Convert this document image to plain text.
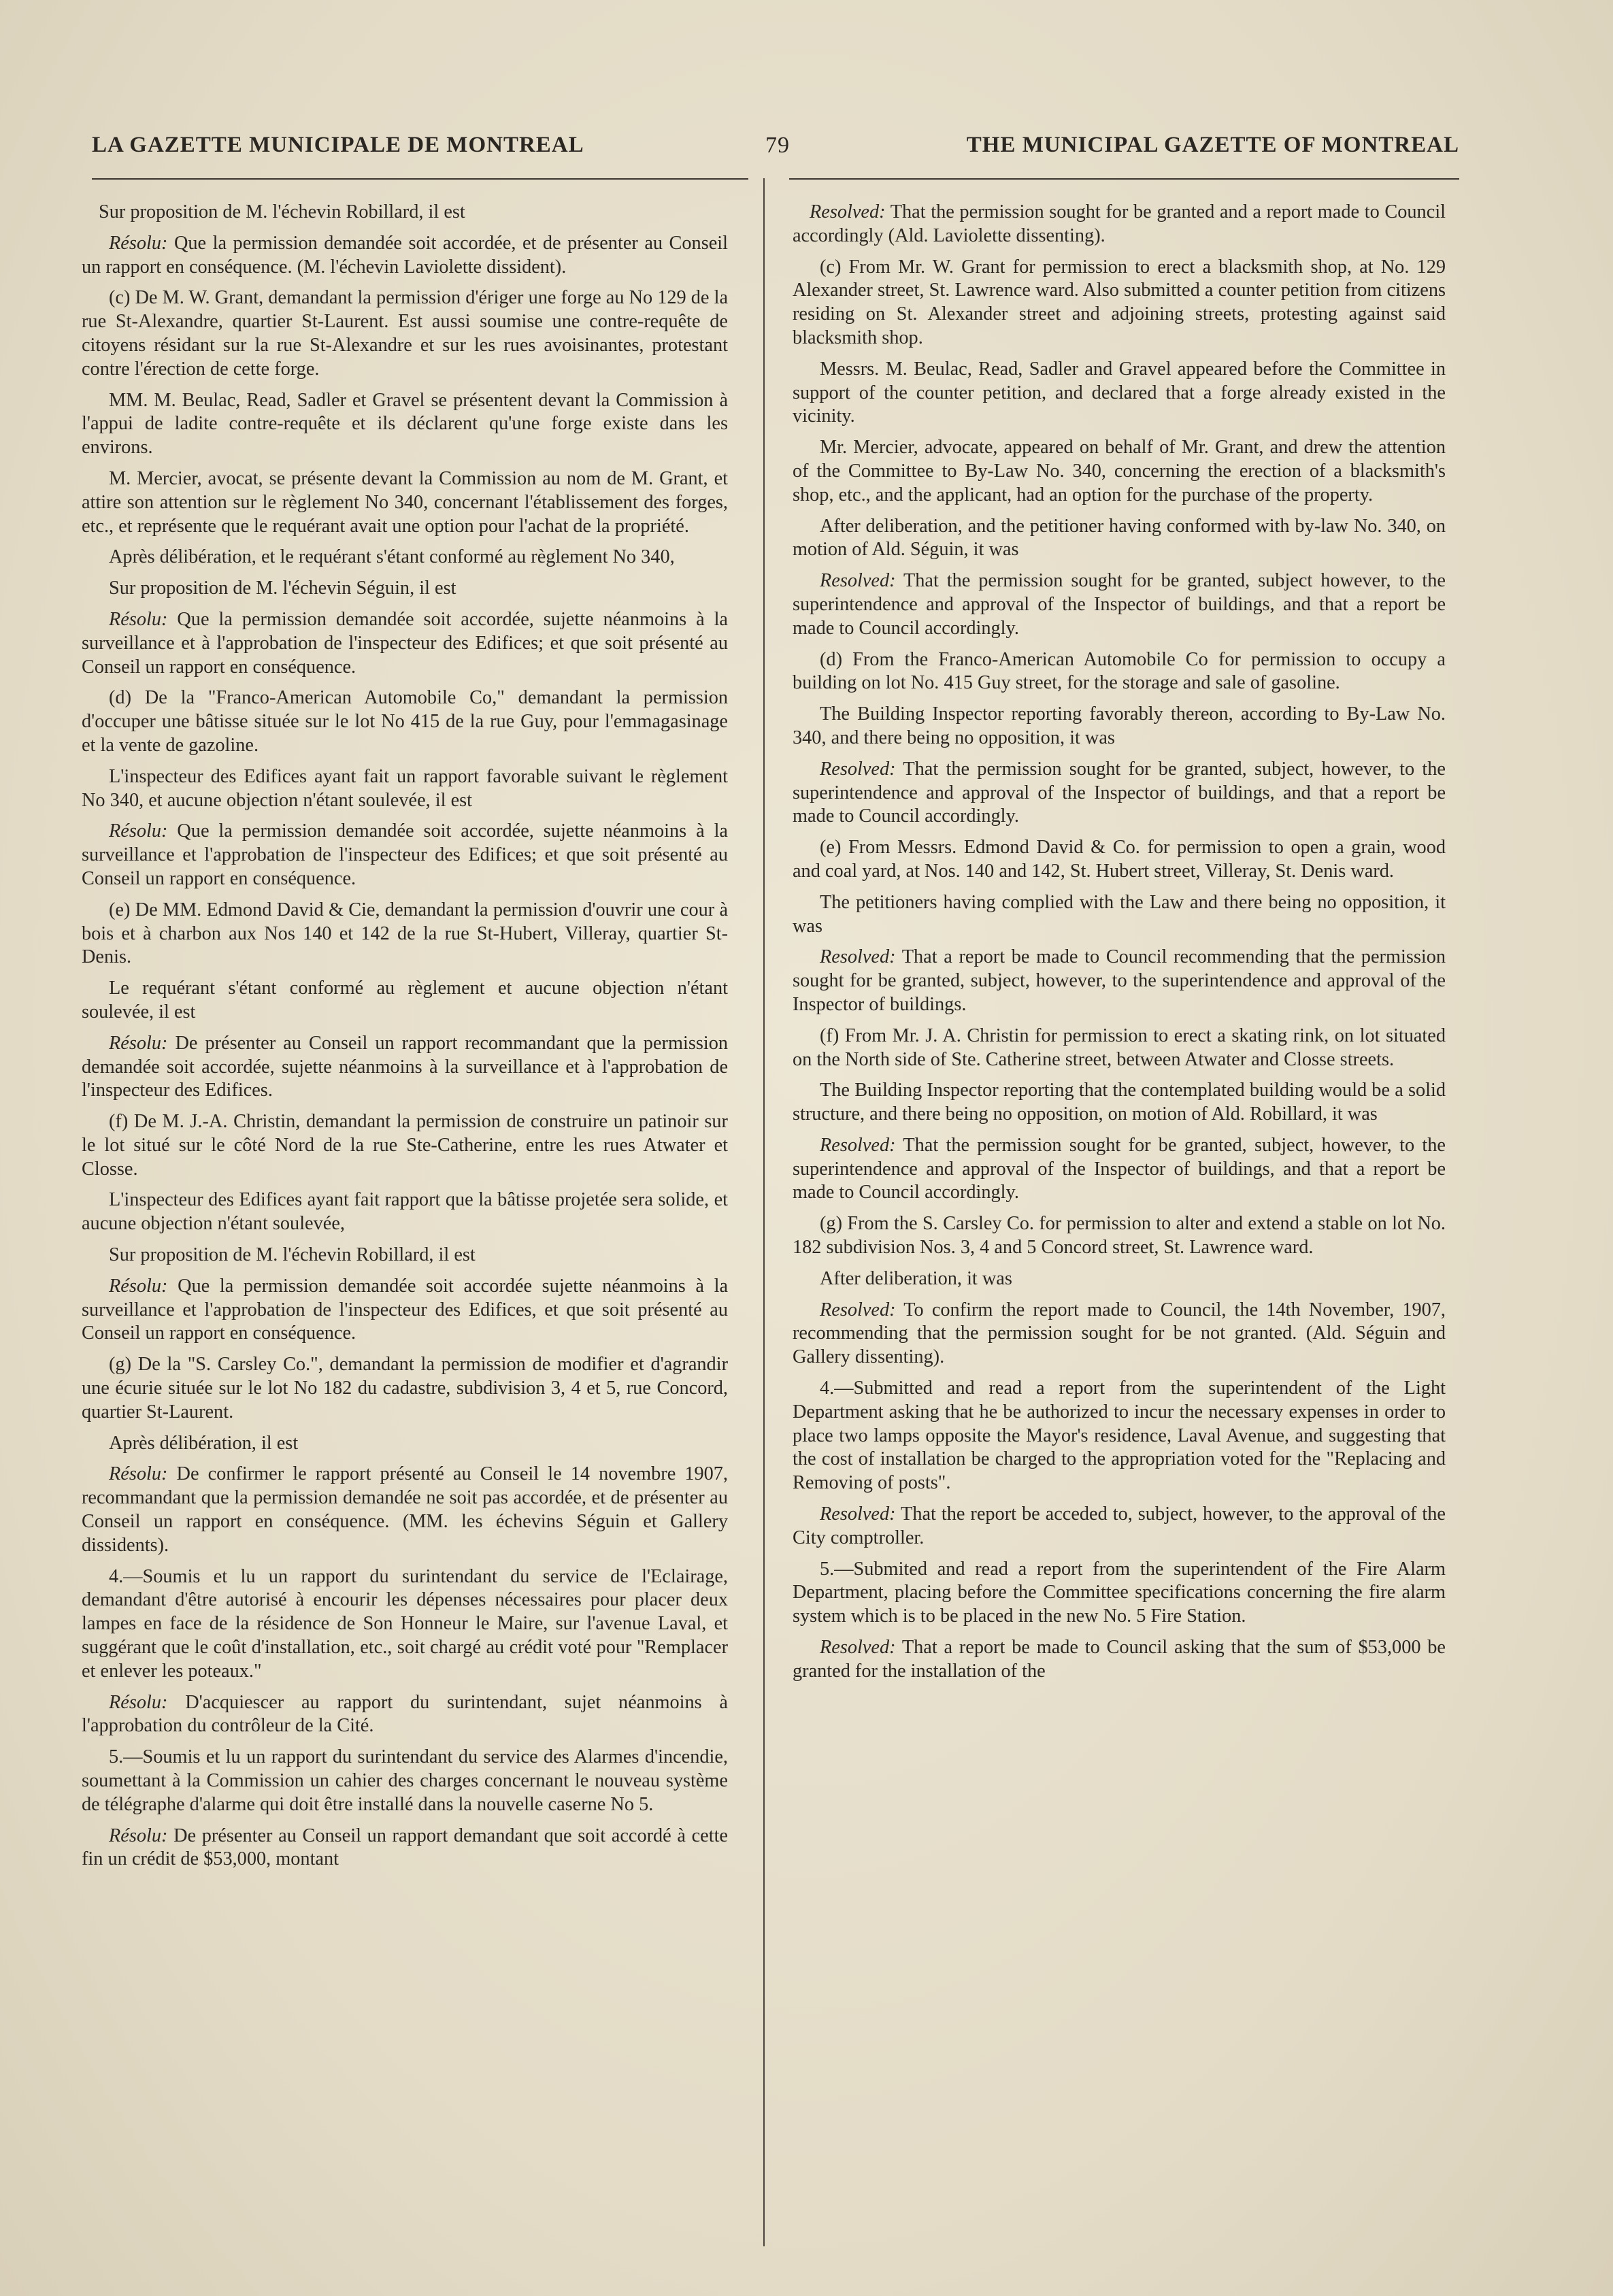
LA GAZETTE MUNICIPALE DE MONTREAL	79	THE MUNICIPAL GAZETTE OF MONTREAL

Sur proposition de M. l'échevin Robillard, il est

Résolu: Que la permission demandée soit accordée, et de présenter au Conseil un rapport en conséquence. (M. l'échevin Laviolette dissident).

(c) De M. W. Grant, demandant la permission d'ériger une forge au No 129 de la rue St-Alexandre, quartier St-Laurent. Est aussi soumise une contre-requête de citoyens résidant sur la rue St-Alexandre et sur les rues avoisinantes, protestant contre l'érection de cette forge.

MM. M. Beulac, Read, Sadler et Gravel se présentent devant la Commission à l'appui de ladite contre-requête et ils déclarent qu'une forge existe dans les environs.

M. Mercier, avocat, se présente devant la Commission au nom de M. Grant, et attire son attention sur le règlement No 340, concernant l'établissement des forges, etc., et représente que le requérant avait une option pour l'achat de la propriété.

Après délibération, et le requérant s'étant conformé au règlement No 340,

Sur proposition de M. l'échevin Séguin, il est

Résolu: Que la permission demandée soit accordée, sujette néanmoins à la surveillance et à l'approbation de l'inspecteur des Edifices; et que soit présenté au Conseil un rapport en conséquence.

(d) De la "Franco-American Automobile Co," demandant la permission d'occuper une bâtisse située sur le lot No 415 de la rue Guy, pour l'emmagasinage et la vente de gazoline.

L'inspecteur des Edifices ayant fait un rapport favorable suivant le règlement No 340, et aucune objection n'étant soulevée, il est

Résolu: Que la permission demandée soit accordée, sujette néanmoins à la surveillance et l'approbation de l'inspecteur des Edifices; et que soit présenté au Conseil un rapport en conséquence.

(e) De MM. Edmond David & Cie, demandant la permission d'ouvrir une cour à bois et à charbon aux Nos 140 et 142 de la rue St-Hubert, Villeray, quartier St-Denis.

Le requérant s'étant conformé au règlement et aucune objection n'étant soulevée, il est

Résolu: De présenter au Conseil un rapport recommandant que la permission demandée soit accordée, sujette néanmoins à la surveillance et à l'approbation de l'inspecteur des Edifices.

(f) De M. J.-A. Christin, demandant la permission de construire un patinoir sur le lot situé sur le côté Nord de la rue Ste-Catherine, entre les rues Atwater et Closse.

L'inspecteur des Edifices ayant fait rapport que la bâtisse projetée sera solide, et aucune objection n'étant soulevée,

Sur proposition de M. l'échevin Robillard, il est

Résolu: Que la permission demandée soit accordée sujette néanmoins à la surveillance et l'approbation de l'inspecteur des Edifices, et que soit présenté au Conseil un rapport en conséquence.

(g) De la "S. Carsley Co.", demandant la permission de modifier et d'agrandir une écurie située sur le lot No 182 du cadastre, subdivision 3, 4 et 5, rue Concord, quartier St-Laurent.

Après délibération, il est

Résolu: De confirmer le rapport présenté au Conseil le 14 novembre 1907, recommandant que la permission demandée ne soit pas accordée, et de présenter au Conseil un rapport en conséquence. (MM. les échevins Séguin et Gallery dissidents).

4.—Soumis et lu un rapport du surintendant du service de l'Eclairage, demandant d'être autorisé à encourir les dépenses nécessaires pour placer deux lampes en face de la résidence de Son Honneur le Maire, sur l'avenue Laval, et suggérant que le coût d'installation, etc., soit chargé au crédit voté pour "Remplacer et enlever les poteaux."

Résolu: D'acquiescer au rapport du surintendant, sujet néanmoins à l'approbation du contrôleur de la Cité.

5.—Soumis et lu un rapport du surintendant du service des Alarmes d'incendie, soumettant à la Commission un cahier des charges concernant le nouveau système de télégraphe d'alarme qui doit être installé dans la nouvelle caserne No 5.

Résolu: De présenter au Conseil un rapport demandant que soit accordé à cette fin un crédit de $53,000, montant

Resolved: That the permission sought for be granted and a report made to Council accordingly (Ald. Laviolette dissenting).

(c) From Mr. W. Grant for permission to erect a blacksmith shop, at No. 129 Alexander street, St. Lawrence ward. Also submitted a counter petition from citizens residing on St. Alexander street and adjoining streets, protesting against said blacksmith shop.

Messrs. M. Beulac, Read, Sadler and Gravel appeared before the Committee in support of the counter petition, and declared that a forge already existed in the vicinity.

Mr. Mercier, advocate, appeared on behalf of Mr. Grant, and drew the attention of the Committee to By-Law No. 340, concerning the erection of a blacksmith's shop, etc., and the applicant, had an option for the purchase of the property.

After deliberation, and the petitioner having conformed with by-law No. 340, on motion of Ald. Séguin, it was

Resolved: That the permission sought for be granted, subject however, to the superintendence and approval of the Inspector of buildings, and that a report be made to Council accordingly.

(d) From the Franco-American Automobile Co for permission to occupy a building on lot No. 415 Guy street, for the storage and sale of gasoline.

The Building Inspector reporting favorably thereon, according to By-Law No. 340, and there being no opposition, it was

Resolved: That the permission sought for be granted, subject, however, to the superintendence and approval of the Inspector of buildings, and that a report be made to Council accordingly.

(e) From Messrs. Edmond David & Co. for permission to open a grain, wood and coal yard, at Nos. 140 and 142, St. Hubert street, Villeray, St. Denis ward.

The petitioners having complied with the Law and there being no opposition, it was

Resolved: That a report be made to Council recommending that the permission sought for be granted, subject, however, to the superintendence and approval of the Inspector of buildings.

(f) From Mr. J. A. Christin for permission to erect a skating rink, on lot situated on the North side of Ste. Catherine street, between Atwater and Closse streets.

The Building Inspector reporting that the contemplated building would be a solid structure, and there being no opposition, on motion of Ald. Robillard, it was

Resolved: That the permission sought for be granted, subject, however, to the superintendence and approval of the Inspector of buildings, and that a report be made to Council accordingly.

(g) From the S. Carsley Co. for permission to alter and extend a stable on lot No. 182 subdivision Nos. 3, 4 and 5 Concord street, St. Lawrence ward.

After deliberation, it was

Resolved: To confirm the report made to Council, the 14th November, 1907, recommending that the permission sought for be not granted. (Ald. Séguin and Gallery dissenting).

4.—Submitted and read a report from the superintendent of the Light Department asking that he be authorized to incur the necessary expenses in order to place two lamps opposite the Mayor's residence, Laval Avenue, and suggesting that the cost of installation be charged to the appropriation voted for the "Replacing and Removing of posts".

Resolved: That the report be acceded to, subject, however, to the approval of the City comptroller.

5.—Submited and read a report from the superintendent of the Fire Alarm Department, placing before the Committee specifications concerning the fire alarm system which is to be placed in the new No. 5 Fire Station.

Resolved: That a report be made to Council asking that the sum of $53,000 be granted for the installation of the
